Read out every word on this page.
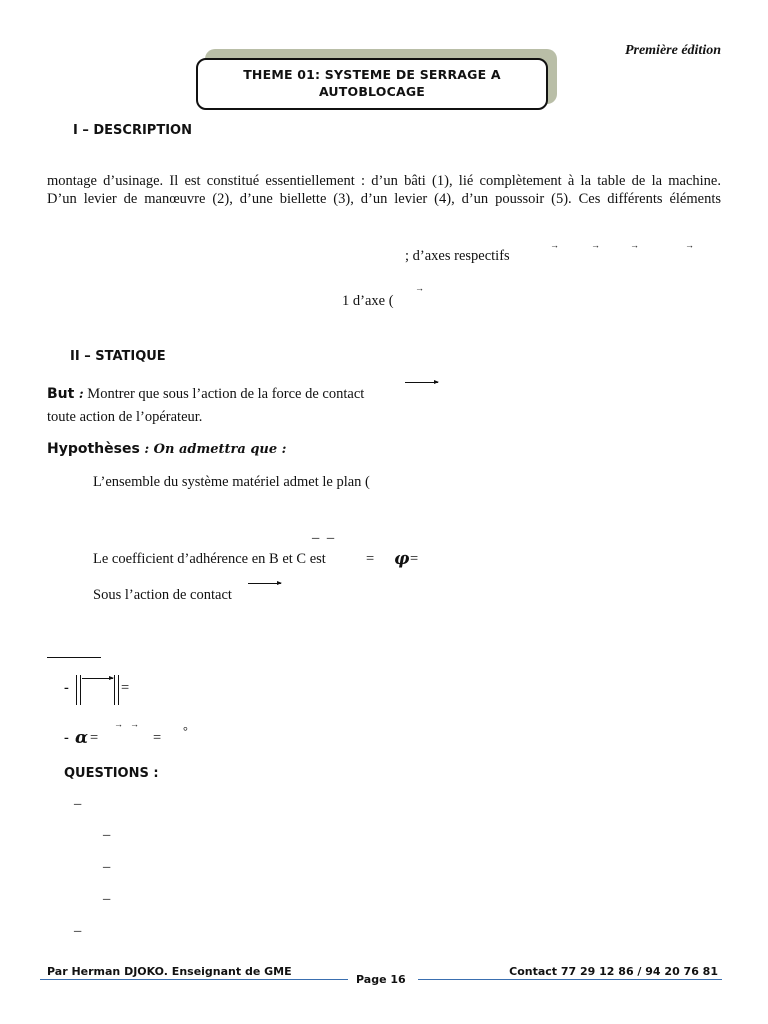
Première édition
THEME 01: SYSTEME DE SERRAGE A
AUTOBLOCAGE
I – DESCRIPTION
montage d’usinage. Il est constitué essentiellement : d’un bâti (1), lié complètement à la table de la machine.
D’un levier de manœuvre (2), d’une biellette (3), d’un levier (4), d’un poussoir (5). Ces différents éléments
; d’axes respectifs
→	→	→	→
1 d’axe (
→
II – STATIQUE
But : Montrer que sous l’action de la force de contact
toute action de l’opérateur.
Hypothèses : On admettra que :
L’ensemble du système matériel admet le plan (
– –
Le coefficient d’adhérence en B et C est	= φ =
Sous l’action de contact
-	=
- α =
→ →
= °
QUESTIONS :
–
–
–
–
–
Par Herman DJOKO. Enseignant de GME	Contact 77 29 12 86 / 94 20 76 81
Page 16
